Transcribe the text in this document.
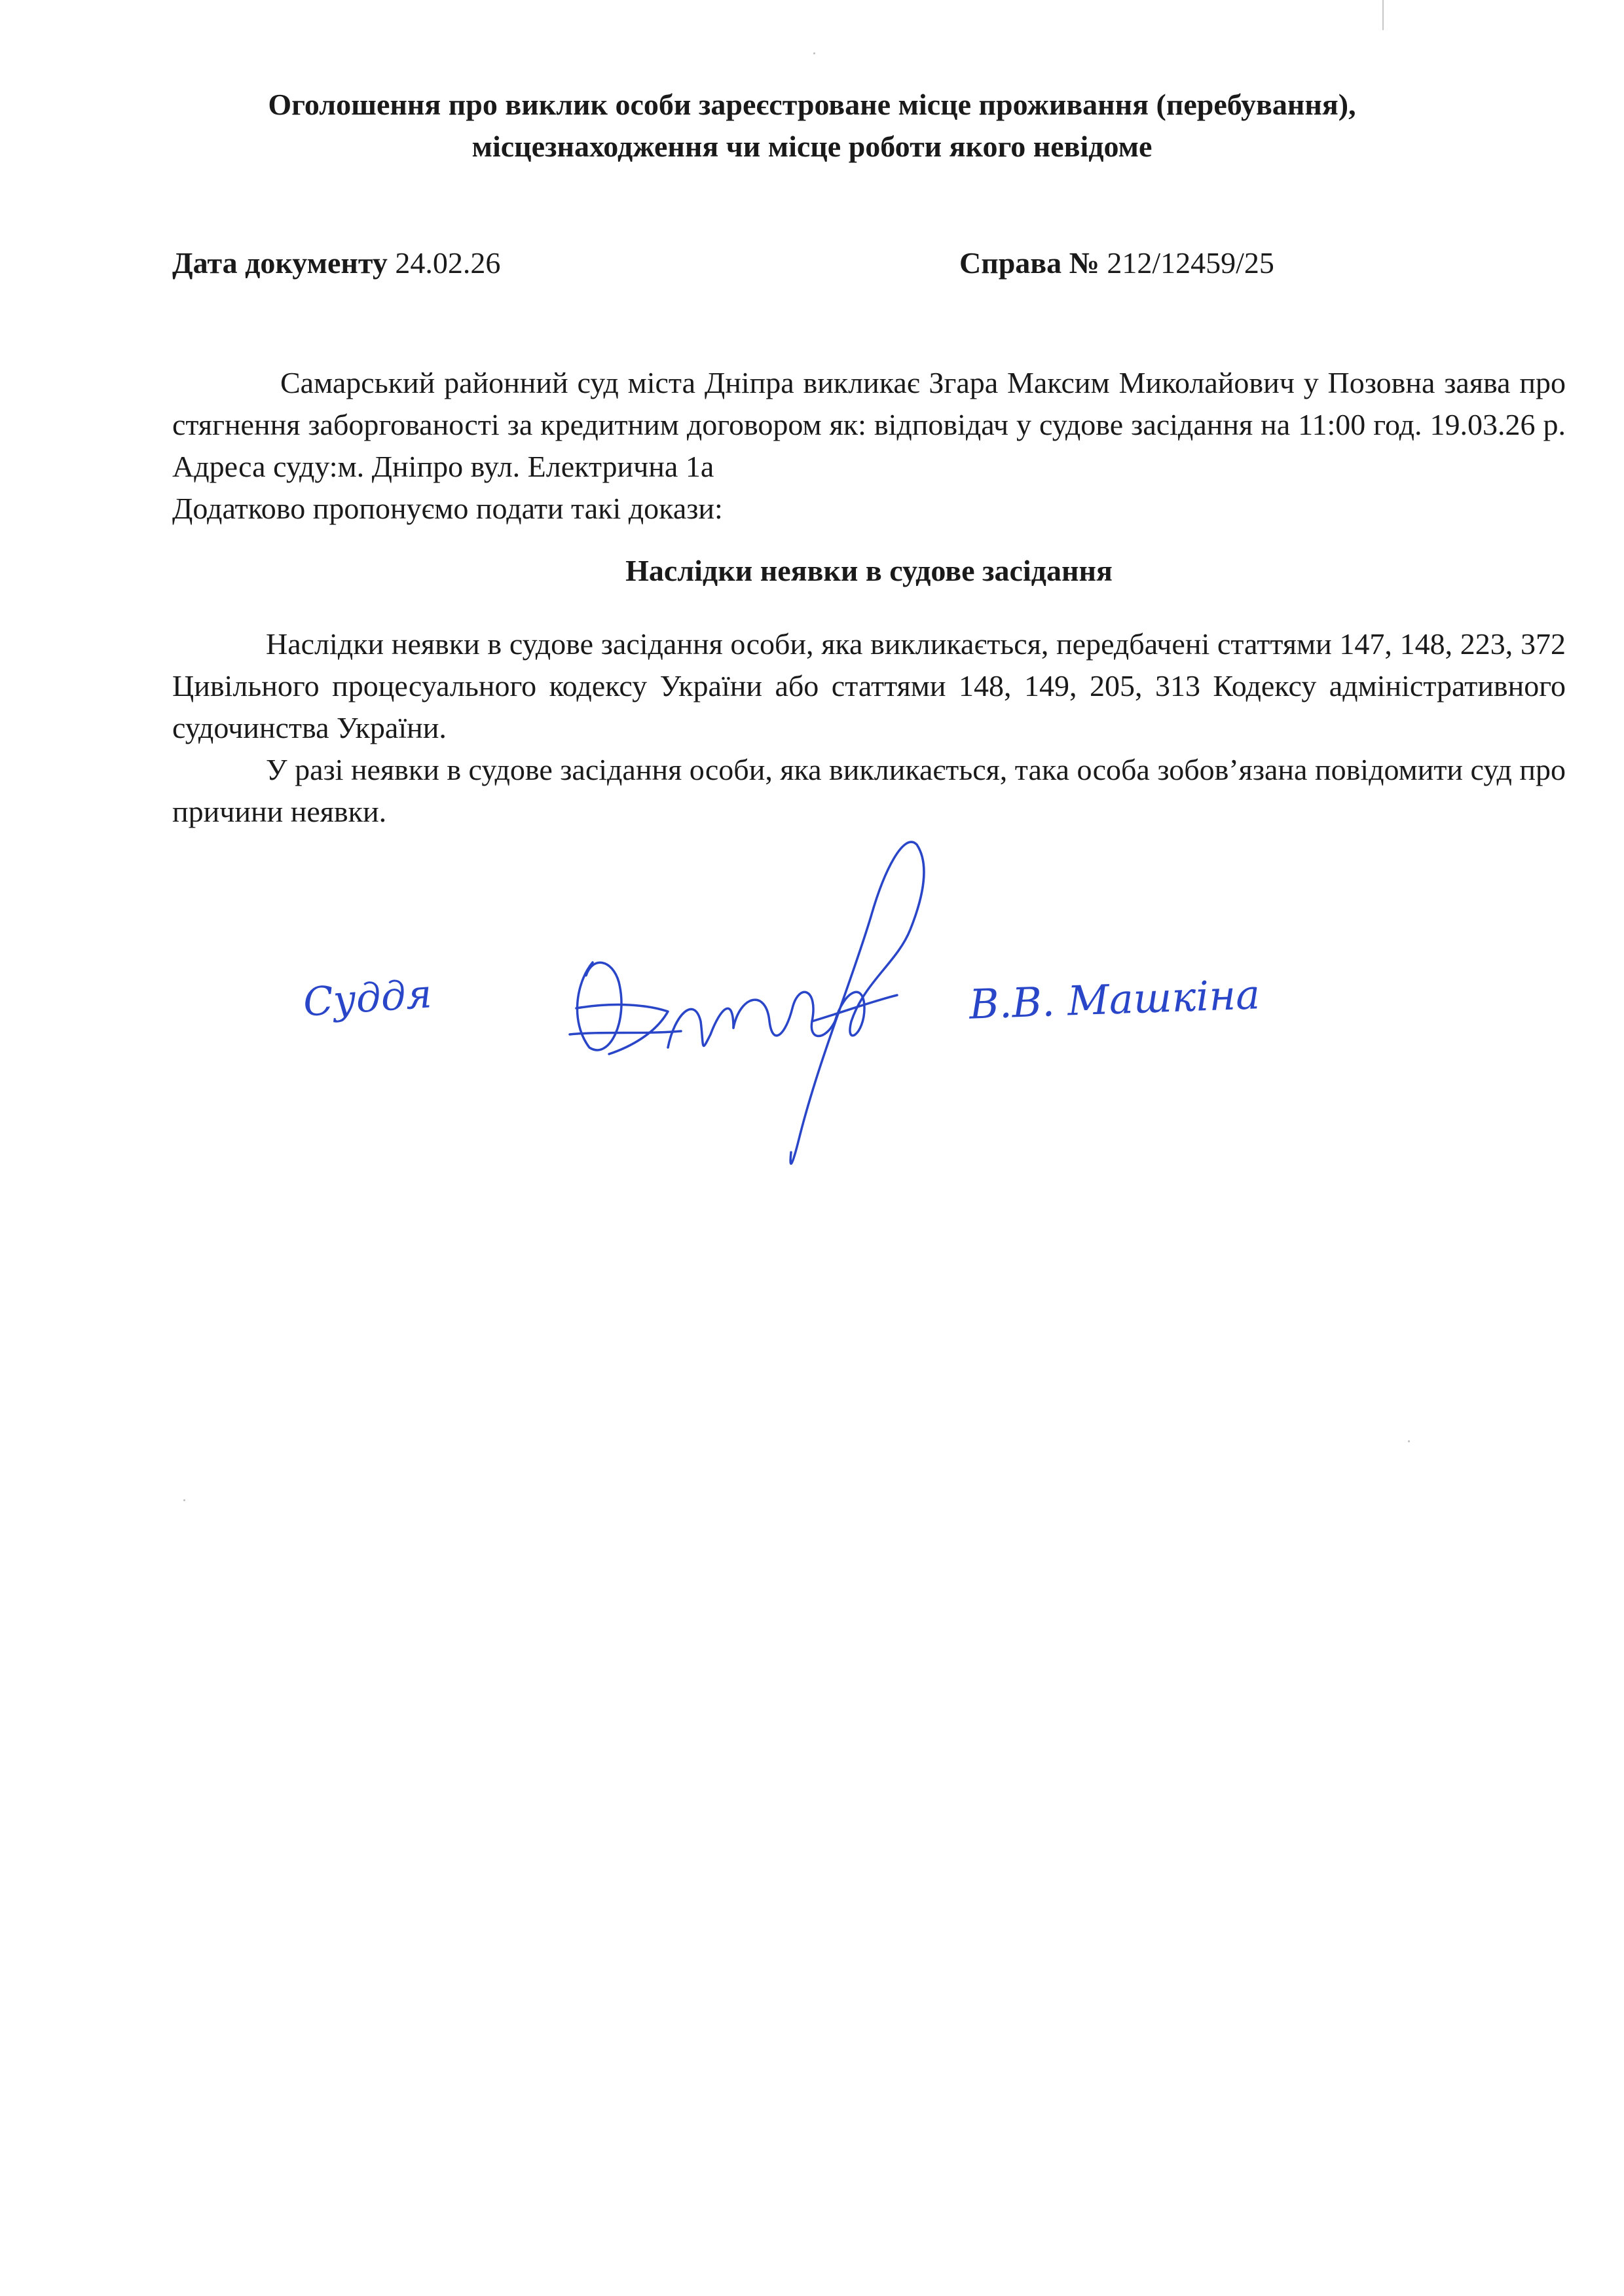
Оголошення про виклик особи зареєстроване місце проживання (перебування),
місцезнаходження чи місце роботи якого невідоме
Дата документу 24.02.26	Справа № 212/12459/25

Самарський районний суд міста Дніпра викликає Згара Максим Миколайович у Позовна заява про стягнення заборгованості за кредитним договором як: відповідач у судове засідання на 11:00 год. 19.03.26 р. Адреса суду:м. Дніпро вул. Електрична 1а

Додатково пропонуємо подати такі докази:

Наслідки неявки в судове засідання

Наслідки неявки в судове засідання особи, яка викликається, передбачені статтями 147, 148, 223, 372 Цивільного процесуального кодексу України або статтями 148, 149, 205, 313 Кодексу адміністративного судочинства України.

У разі неявки в судове засідання особи, яка викликається, така особа зобов’язана повідомити суд про причини неявки.

Суддя	В.В. Машкіна
